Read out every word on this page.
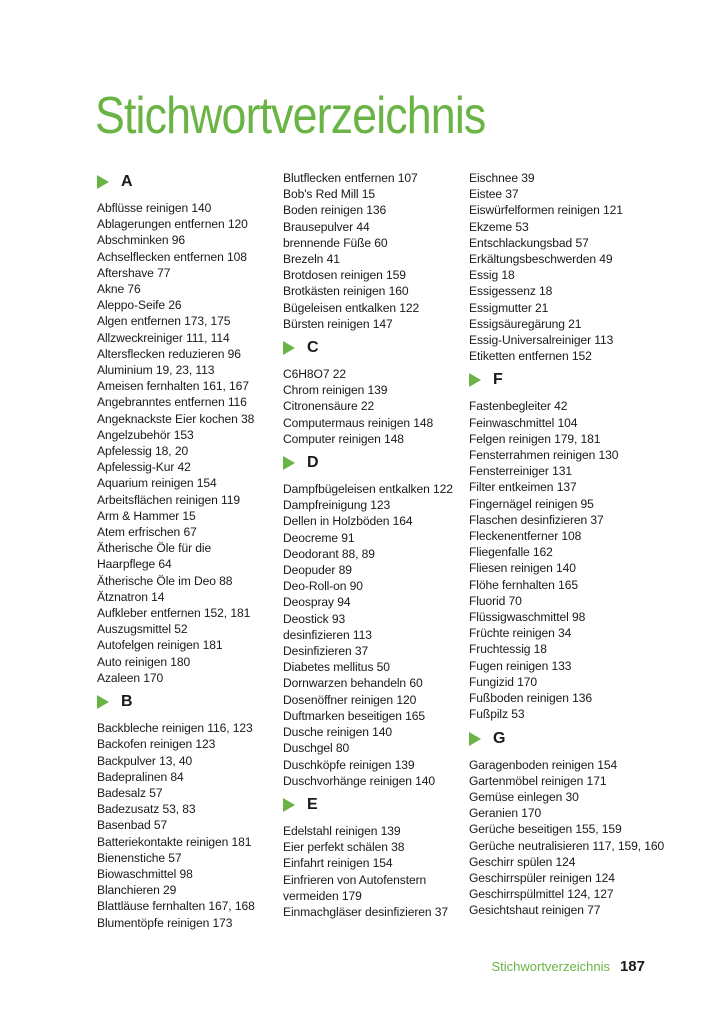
Stichwortverzeichnis
A
Abflüsse reinigen 140
Ablagerungen entfernen 120
Abschminken 96
Achselflecken entfernen 108
Aftershave 77
Akne 76
Aleppo-Seife 26
Algen entfernen 173, 175
Allzweckreiniger 111, 114
Altersflecken reduzieren 96
Aluminium 19, 23, 113
Ameisen fernhalten 161, 167
Angebranntes entfernen 116
Angeknackste Eier kochen 38
Angelzubehör 153
Apfelessig 18, 20
Apfelessig-Kur 42
Aquarium reinigen 154
Arbeitsflächen reinigen 119
Arm & Hammer 15
Atem erfrischen 67
Ätherische Öle für die
Haarpflege 64
Ätherische Öle im Deo 88
Ätznatron 14
Aufkleber entfernen 152, 181
Auszugsmittel 52
Autofelgen reinigen 181
Auto reinigen 180
Azaleen 170
B
Backbleche reinigen 116, 123
Backofen reinigen 123
Backpulver 13, 40
Badepralinen 84
Badesalz 57
Badezusatz 53, 83
Basenbad 57
Batteriekontakte reinigen 181
Bienenstiche 57
Biowaschmittel 98
Blanchieren 29
Blattläuse fernhalten 167, 168
Blumentöpfe reinigen 173
Blutflecken entfernen 107
Bob's Red Mill 15
Boden reinigen 136
Brausepulver 44
brennende Füße 60
Brezeln 41
Brotdosen reinigen 159
Brotkästen reinigen 160
Bügeleisen entkalken 122
Bürsten reinigen 147
C
C6H8O7 22
Chrom reinigen 139
Citronensäure 22
Computermaus reinigen 148
Computer reinigen 148
D
Dampfbügeleisen entkalken 122
Dampfreinigung 123
Dellen in Holzböden 164
Deocreme 91
Deodorant 88, 89
Deopuder 89
Deo-Roll-on 90
Deospray 94
Deostick 93
desinfizieren 113
Desinfizieren 37
Diabetes mellitus 50
Dornwarzen behandeln 60
Dosenöffner reinigen 120
Duftmarken beseitigen 165
Dusche reinigen 140
Duschgel 80
Duschköpfe reinigen 139
Duschvorhänge reinigen 140
E
Edelstahl reinigen 139
Eier perfekt schälen 38
Einfahrt reinigen 154
Einfrieren von Autofenstern
vermeiden 179
Einmachgläser desinfizieren 37
Eischnee 39
Eistee 37
Eiswürfelformen reinigen 121
Ekzeme 53
Entschlackungsbad 57
Erkältungsbeschwerden 49
Essig 18
Essigessenz 18
Essigmutter 21
Essigsäuregärung 21
Essig-Universalreiniger 113
Etiketten entfernen 152
F
Fastenbegleiter 42
Feinwaschmittel 104
Felgen reinigen 179, 181
Fensterrahmen reinigen 130
Fensterreiniger 131
Filter entkeimen 137
Fingernägel reinigen 95
Flaschen desinfizieren 37
Fleckenentferner 108
Fliegenfalle 162
Fliesen reinigen 140
Flöhe fernhalten 165
Fluorid 70
Flüssigwaschmittel 98
Früchte reinigen 34
Fruchtessig 18
Fugen reinigen 133
Fungizid 170
Fußboden reinigen 136
Fußpilz 53
G
Garagenboden reinigen 154
Gartenmöbel reinigen 171
Gemüse einlegen 30
Geranien 170
Gerüche beseitigen 155, 159
Gerüche neutralisieren 117, 159, 160
Geschirr spülen 124
Geschirrspüler reinigen 124
Geschirrspülmittel 124, 127
Gesichtshaut reinigen 77
Stichwortverzeichnis 187
